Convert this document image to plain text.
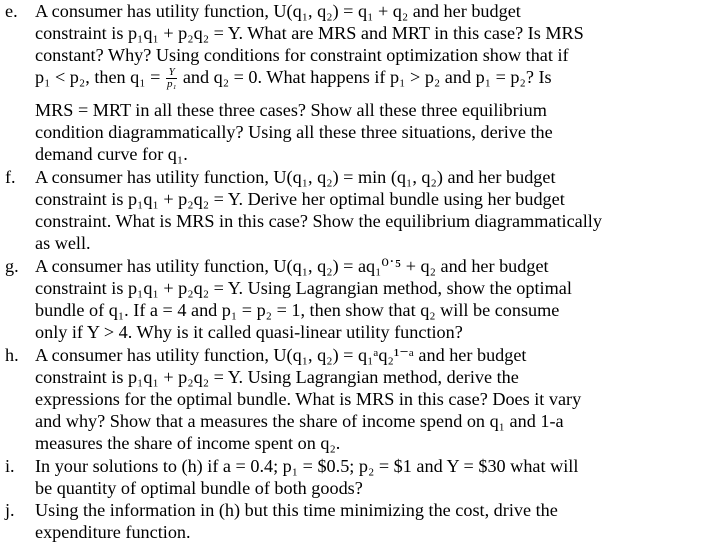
e. A consumer has utility function, U(q₁, q₂) = q₁ + q₂ and her budget
constraint is p₁q₁ + p₂q₂ = Y. What are MRS and MRT in this case? Is MRS
constant? Why? Using conditions for constraint optimization show that if
p₁ < p₂, then $q_1 = \frac{Y}{\text{p₁}}$ and q₂ = 0. What happens if p₁ > p₂ and p₁ = p₂? Is
MRS = MRT in all these three cases? Show all these three equilibrium
condition diagrammatically? Using all these three situations, derive the
demand curve for q₁.
f. A consumer has utility function, U(q₁, q₂) = min (q₁, q₂) and her budget
constraint is p₁q₁ + p₂q₂ = Y. Derive her optimal bundle using her budget
constraint. What is MRS in this case? Show the equilibrium diagrammatically
as well.
g. A consumer has utility function, U(q₁, q₂) = aq₁⁰˙⁵ + q₂ and her budget
constraint is p₁q₁ + p₂q₂ = Y. Using Lagrangian method, show the optimal
bundle of q₁. If a = 4 and p₁ = p₂ = 1, then show that q₂ will be consume
only if Y > 4. Why is it called quasi-linear utility function?
h. A consumer has utility function, U(q₁, q₂) = q₁ᵃq₂¹⁻ᵃ and her budget
constraint is p₁q₁ + p₂q₂ = Y. Using Lagrangian method, derive the
expressions for the optimal bundle. What is MRS in this case? Does it vary
and why? Show that a measures the share of income spend on q₁ and 1-a
measures the share of income spent on q₂.
i. In your solutions to (h) if a = 0.4; p₁ = $0.5; p₂ = $1 and Y = $30 what will
be quantity of optimal bundle of both goods?
j. Using the information in (h) but this time minimizing the cost, drive the
expenditure function.
